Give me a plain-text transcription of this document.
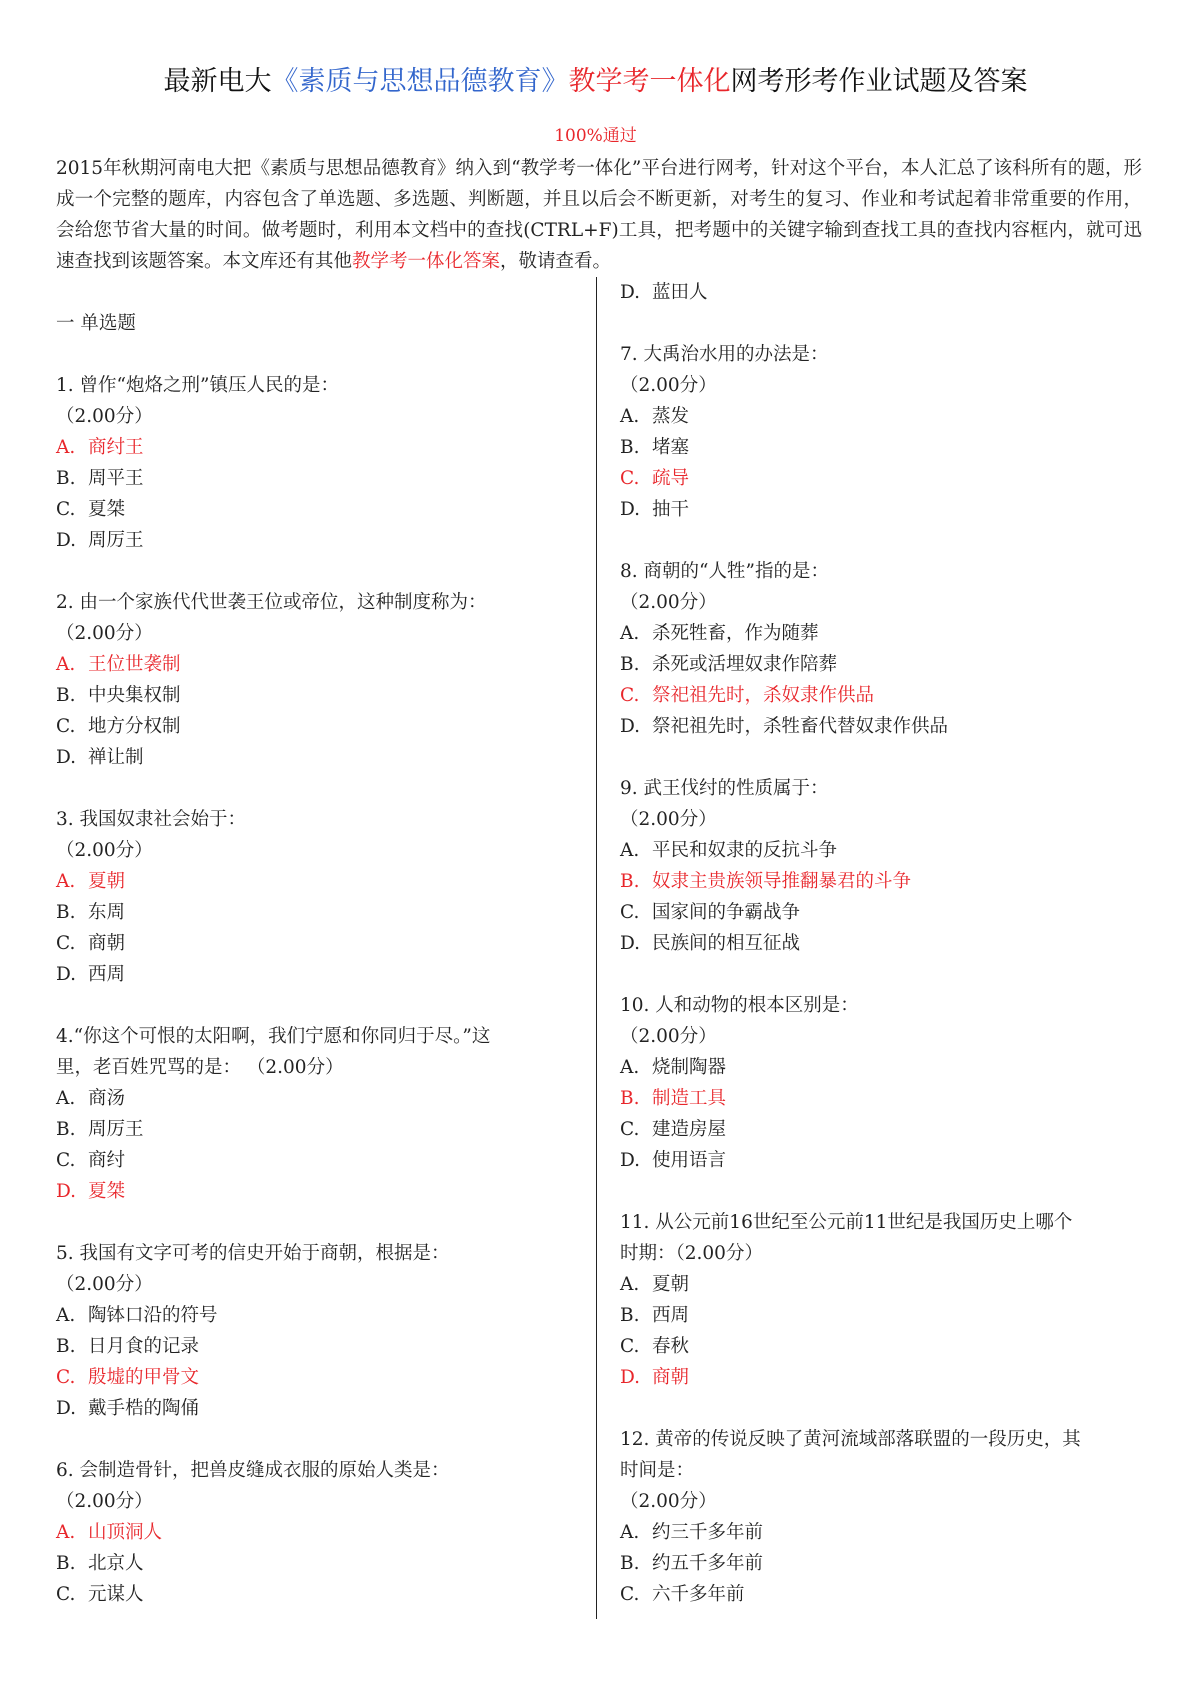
最新电大《素质与思想品德教育》教学考一体化网考形考作业试题及答案
100%通过
2015年秋期河南电大把《素质与思想品德教育》纳入到“教学考一体化”平台进行网考，针对这个平台，本人汇总了该科所有的题，形成一个完整的题库，内容包含了单选题、多选题、判断题，并且以后会不断更新，对考生的复习、作业和考试起着非常重要的作用，会给您节省大量的时间。做考题时，利用本文档中的查找(CTRL+F)工具，把考题中的关键字输到查找工具的查找内容框内，就可迅速查找到该题答案。本文库还有其他教学考一体化答案，敬请查看。
一 单选题
1. 曾作“炮烙之刑”镇压人民的是：
（2.00分）
A. 商纣王
B. 周平王
C. 夏桀
D. 周厉王
2. 由一个家族代代世袭王位或帝位，这种制度称为：
（2.00分）
A. 王位世袭制
B. 中央集权制
C. 地方分权制
D. 禅让制
3. 我国奴隶社会始于：
（2.00分）
A. 夏朝
B. 东周
C. 商朝
D. 西周
4.“你这个可恨的太阳啊，我们宁愿和你同归于尽。”这
里，老百姓咒骂的是： （2.00分）
A. 商汤
B. 周厉王
C. 商纣
D. 夏桀
5. 我国有文字可考的信史开始于商朝，根据是：
（2.00分）
A. 陶钵口沿的符号
B. 日月食的记录
C. 殷墟的甲骨文
D. 戴手梏的陶俑
6. 会制造骨针，把兽皮缝成衣服的原始人类是：
（2.00分）
A. 山顶洞人
B. 北京人
C. 元谋人
D. 蓝田人
7. 大禹治水用的办法是：
（2.00分）
A. 蒸发
B. 堵塞
C. 疏导
D. 抽干
8. 商朝的“人牲”指的是：
（2.00分）
A. 杀死牲畜，作为随葬
B. 杀死或活埋奴隶作陪葬
C. 祭祀祖先时，杀奴隶作供品
D. 祭祀祖先时，杀牲畜代替奴隶作供品
9. 武王伐纣的性质属于：
（2.00分）
A. 平民和奴隶的反抗斗争
B. 奴隶主贵族领导推翻暴君的斗争
C. 国家间的争霸战争
D. 民族间的相互征战
10. 人和动物的根本区别是：
（2.00分）
A. 烧制陶器
B. 制造工具
C. 建造房屋
D. 使用语言
11. 从公元前16世纪至公元前11世纪是我国历史上哪个
时期：（2.00分）
A. 夏朝
B. 西周
C. 春秋
D. 商朝
12. 黄帝的传说反映了黄河流域部落联盟的一段历史，其
时间是：
（2.00分）
A. 约三千多年前
B. 约五千多年前
C. 六千多年前
